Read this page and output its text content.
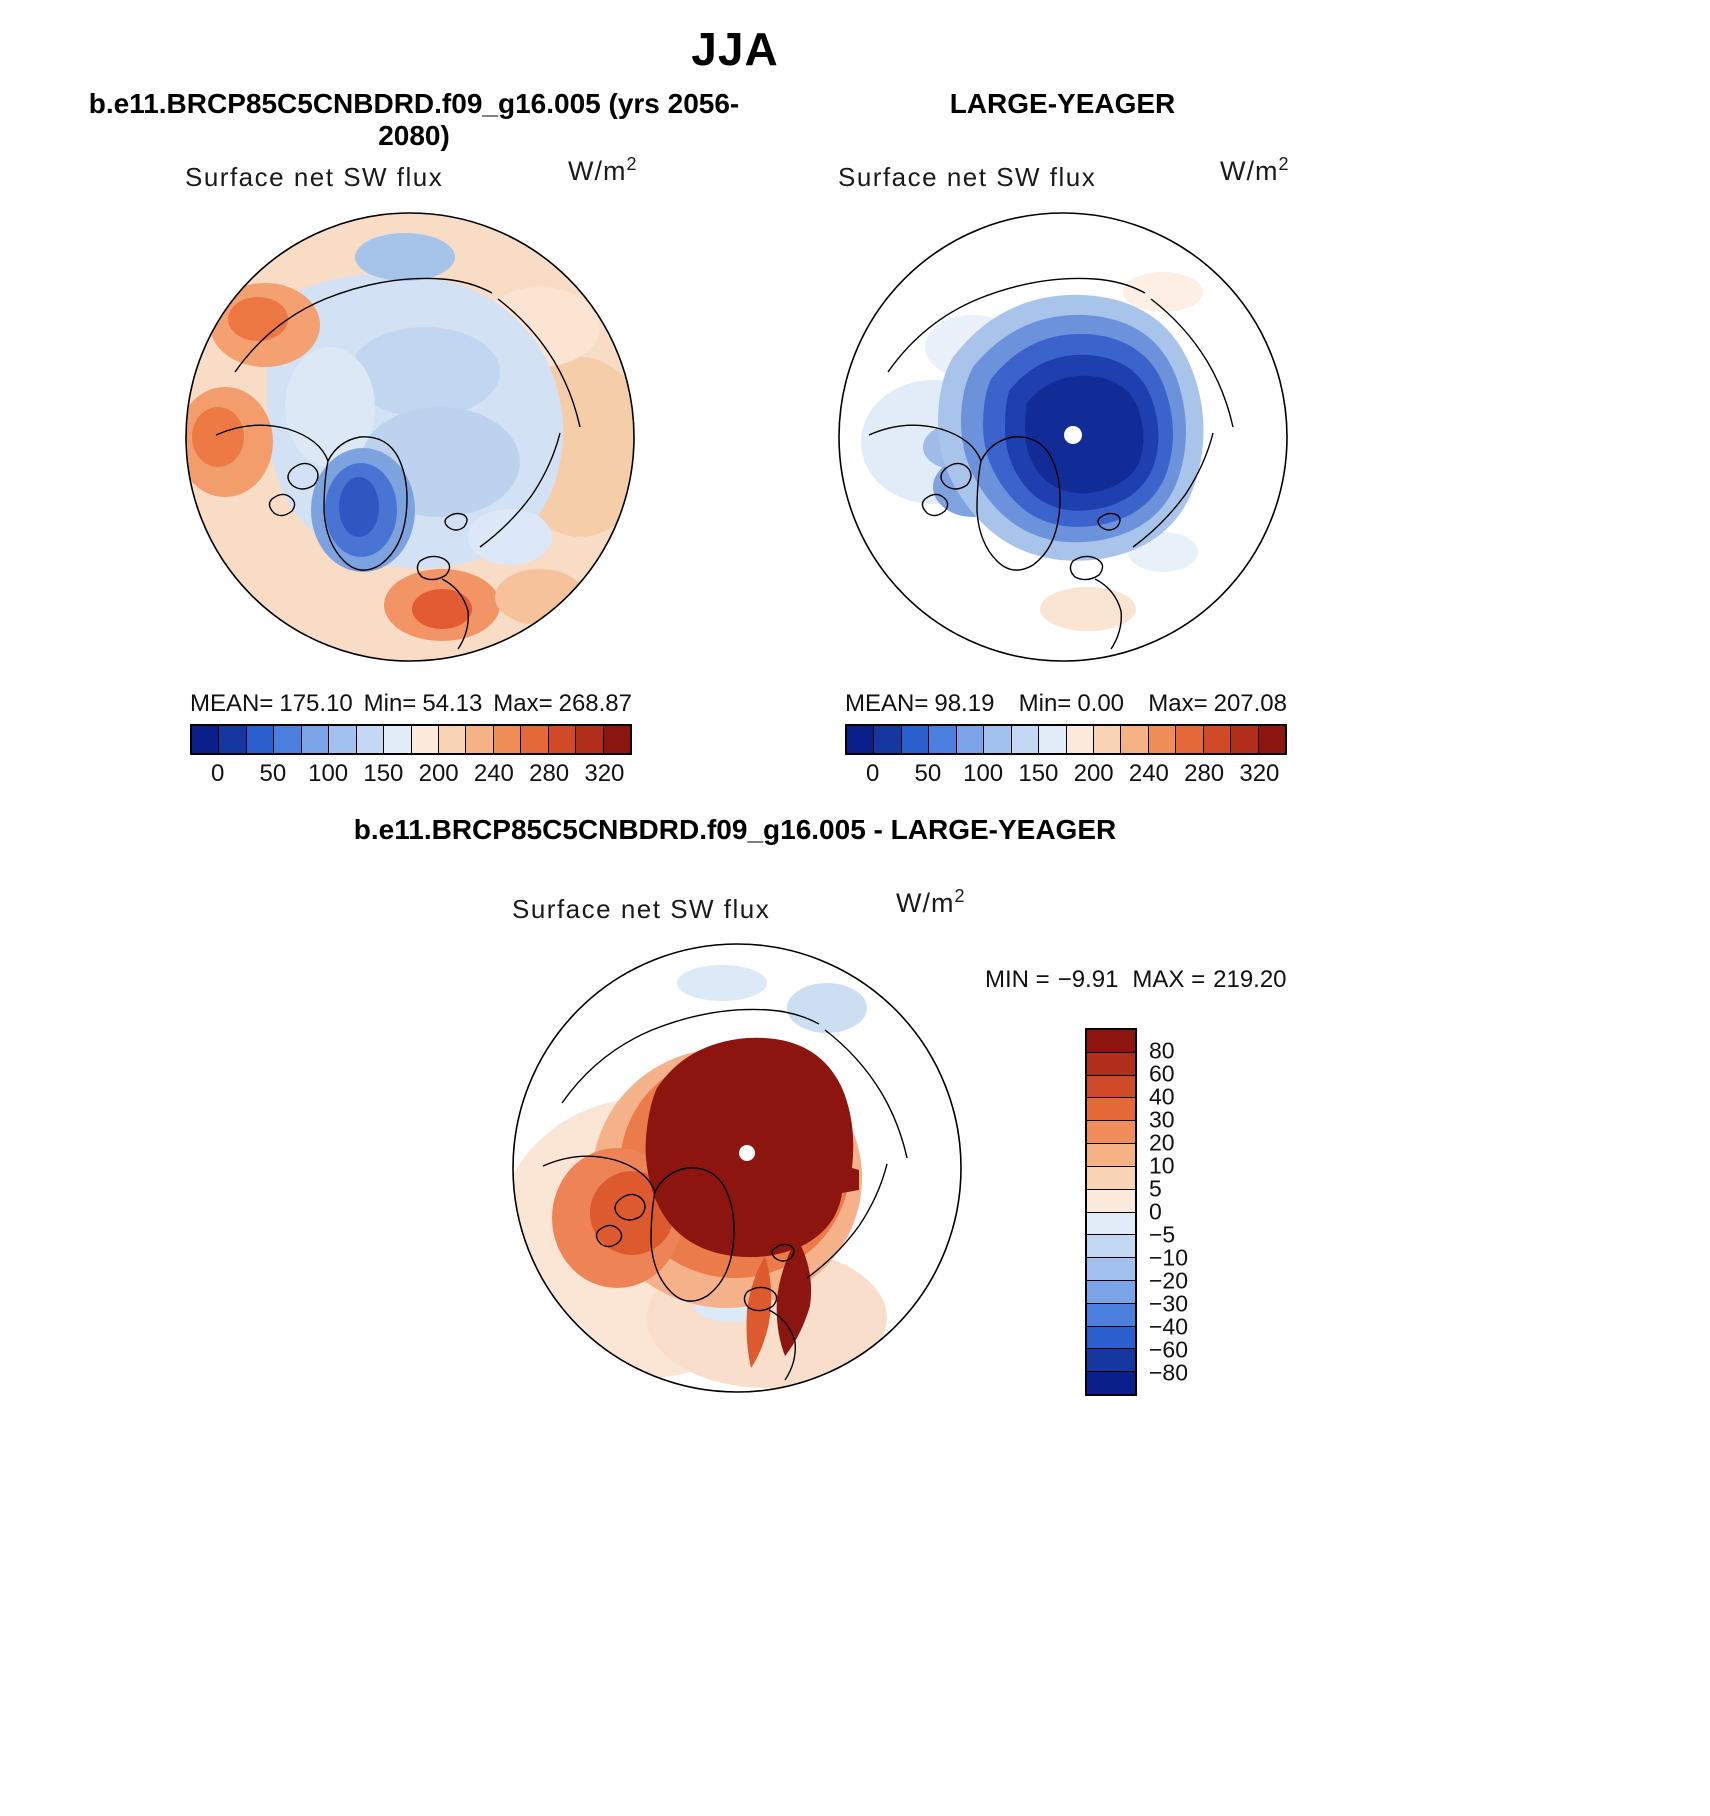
JJA
b.e11.BRCP85C5CNBDRD.f09_g16.005 (yrs 2056-2080)
LARGE-YEAGER
Surface net SW flux	$W/m^2$
MEAN= 175.10 Min= 54.13 Max= 268.87
0 50 100 150 200 240 280 320
Surface net SW flux	$W/m^2$
MEAN= 98.19 Min= 0.00 Max= 207.08
0 50 100 150 200 240 280 320
b.e11.BRCP85C5CNBDRD.f09_g16.005 - LARGE-YEAGER
Surface net SW flux	$W/m^2$
MIN = −9.91 MAX = 219.20
80
60
40
30
20
10
5
0
−5
−10
−20
−30
−40
−60
−80
